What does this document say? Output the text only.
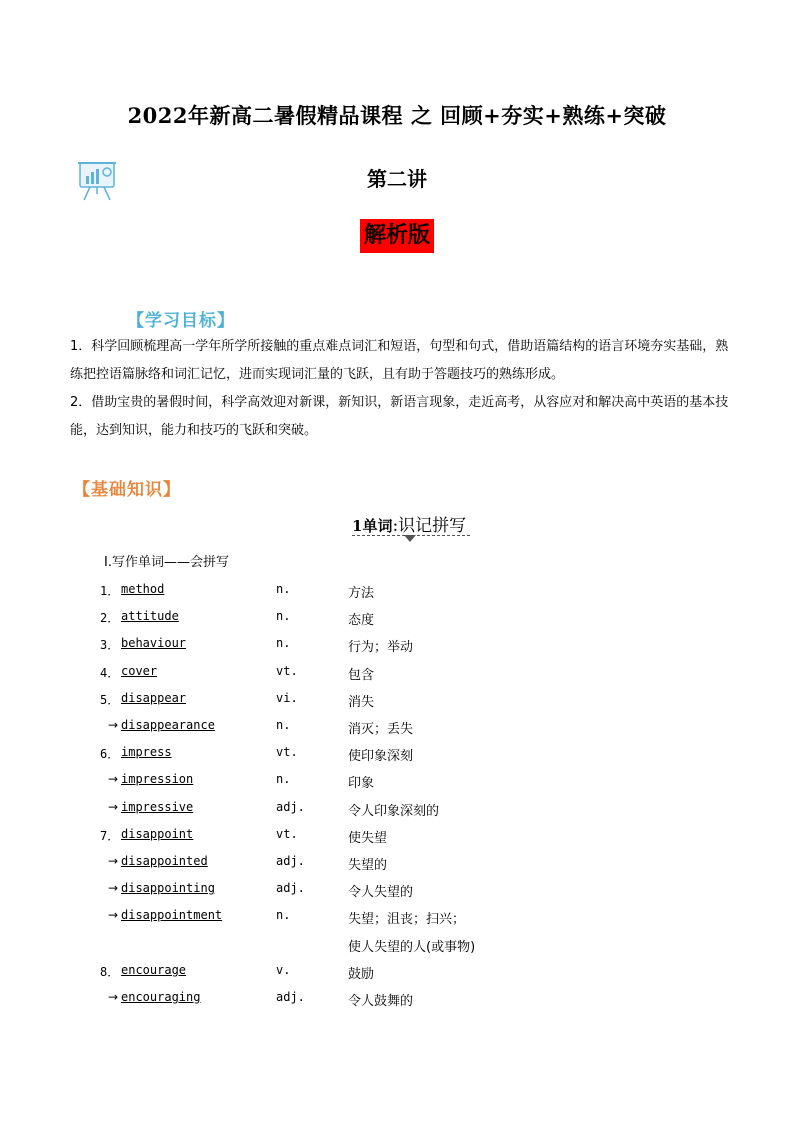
2022年新高二暑假精品课程 之 回顾+夯实+熟练+突破
第二讲
解析版
【学习目标】
1．科学回顾梳理高一学年所学所接触的重点难点词汇和短语，句型和句式，借助语篇结构的语言环境夯实基础，熟练把控语篇脉络和词汇记忆，进而实现词汇量的飞跃，且有助于答题技巧的熟练形成。
2．借助宝贵的暑假时间，科学高效迎对新课，新知识，新语言现象，走近高考，从容应对和解决高中英语的基本技能，达到知识，能力和技巧的飞跃和突破。
【基础知识】
1单词:识记拼写
Ⅰ.写作单词——会拼写
1． method	n.	方法
2． attitude	n.	态度
3． behaviour	n.	行为；举动
4． cover	vt.	包含
5． disappear	vi.	消失
→ disappearance	n.	消灭；丢失
6． impress	vt.	使印象深刻
→ impression	n.	印象
→ impressive	adj.	令人印象深刻的
7． disappoint	vt.	使失望
→ disappointed	adj.	失望的
→ disappointing	adj.	令人失望的
→ disappointment	n.	失望；沮丧；扫兴；
使人失望的人(或事物)
8． encourage	v.	鼓励
→ encouraging	adj.	令人鼓舞的
